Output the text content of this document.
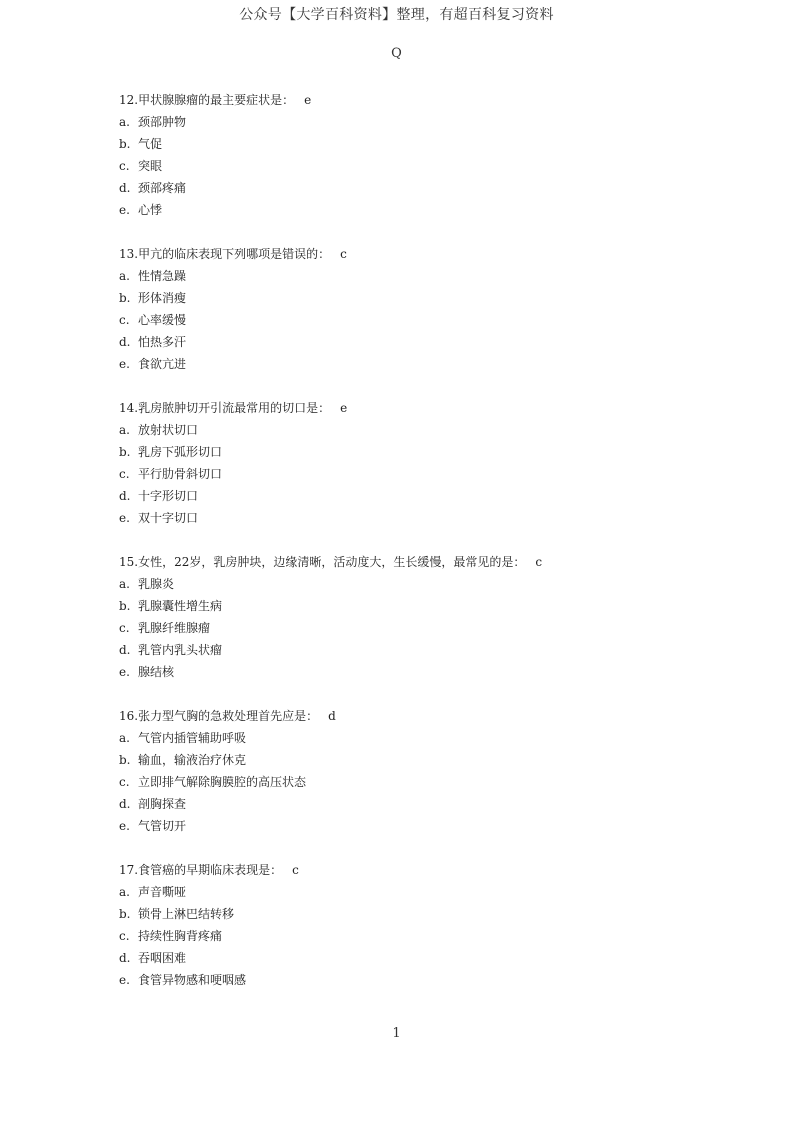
公众号【大学百科资料】整理，有超百科复习资料
Q
12.甲状腺腺瘤的最主要症状是： e
a. 颈部肿物
b. 气促
c. 突眼
d. 颈部疼痛
e. 心悸
13.甲亢的临床表现下列哪项是错误的： c
a. 性情急躁
b. 形体消瘦
c. 心率缓慢
d. 怕热多汗
e. 食欲亢进
14.乳房脓肿切开引流最常用的切口是： e
a. 放射状切口
b. 乳房下弧形切口
c. 平行肋骨斜切口
d. 十字形切口
e. 双十字切口
15.女性，22岁，乳房肿块，边缘清晰，活动度大，生长缓慢，最常见的是： c
a. 乳腺炎
b. 乳腺囊性增生病
c. 乳腺纤维腺瘤
d. 乳管内乳头状瘤
e. 腺结核
16.张力型气胸的急救处理首先应是： d
a. 气管内插管辅助呼吸
b. 输血，输液治疗休克
c. 立即排气解除胸膜腔的高压状态
d. 剖胸探查
e. 气管切开
17.食管癌的早期临床表现是： c
a. 声音嘶哑
b. 锁骨上淋巴结转移
c. 持续性胸背疼痛
d. 吞咽困难
e. 食管异物感和哽咽感
1
